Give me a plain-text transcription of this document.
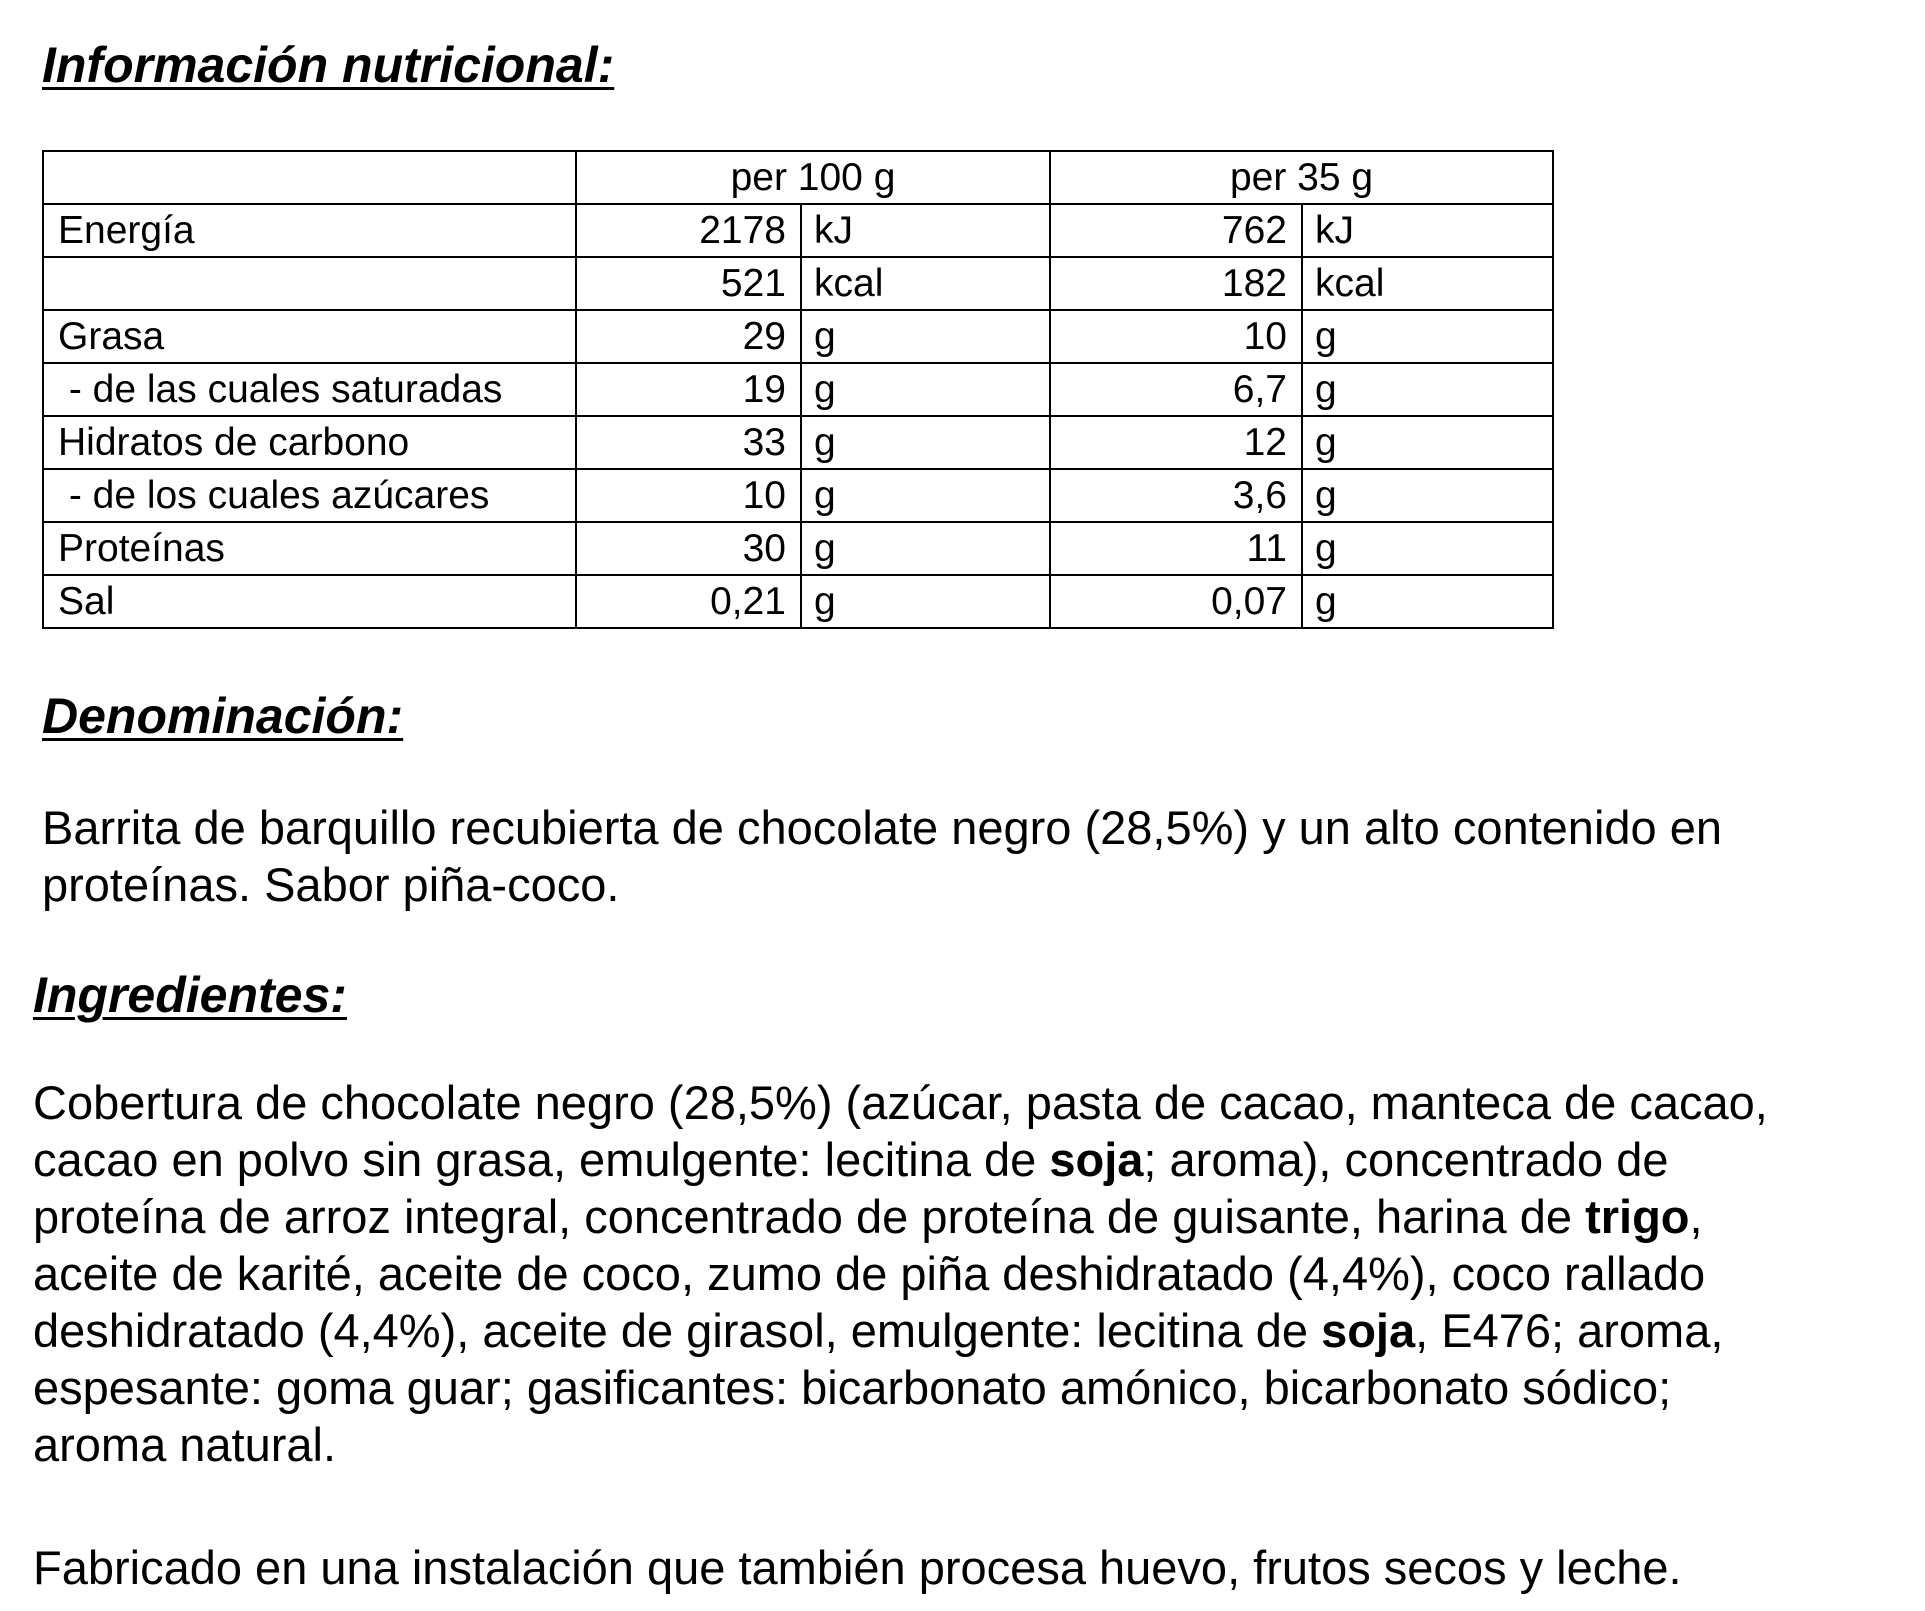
Información nutricional:
	per 100 g		per 35 g	
Energía	2178	kJ	762	kJ
	521	kcal	182	kcal
Grasa	29	g	10	g
- de las cuales saturadas	19	g	6,7	g
Hidratos de carbono	33	g	12	g
- de los cuales azúcares	10	g	3,6	g
Proteínas	30	g	11	g
Sal	0,21	g	0,07	g
Denominación:
Barrita de barquillo recubierta de chocolate negro (28,5%) y un alto contenido en
proteínas. Sabor piña-coco.
Ingredientes:
Cobertura de chocolate negro (28,5%) (azúcar, pasta de cacao, manteca de cacao,
cacao en polvo sin grasa, emulgente: lecitina de soja; aroma), concentrado de
proteína de arroz integral, concentrado de proteína de guisante, harina de trigo,
aceite de karité, aceite de coco, zumo de piña deshidratado (4,4%), coco rallado
deshidratado (4,4%), aceite de girasol, emulgente: lecitina de soja, E476; aroma,
espesante: goma guar; gasificantes: bicarbonato amónico, bicarbonato sódico;
aroma natural.
Fabricado en una instalación que también procesa huevo, frutos secos y leche.
